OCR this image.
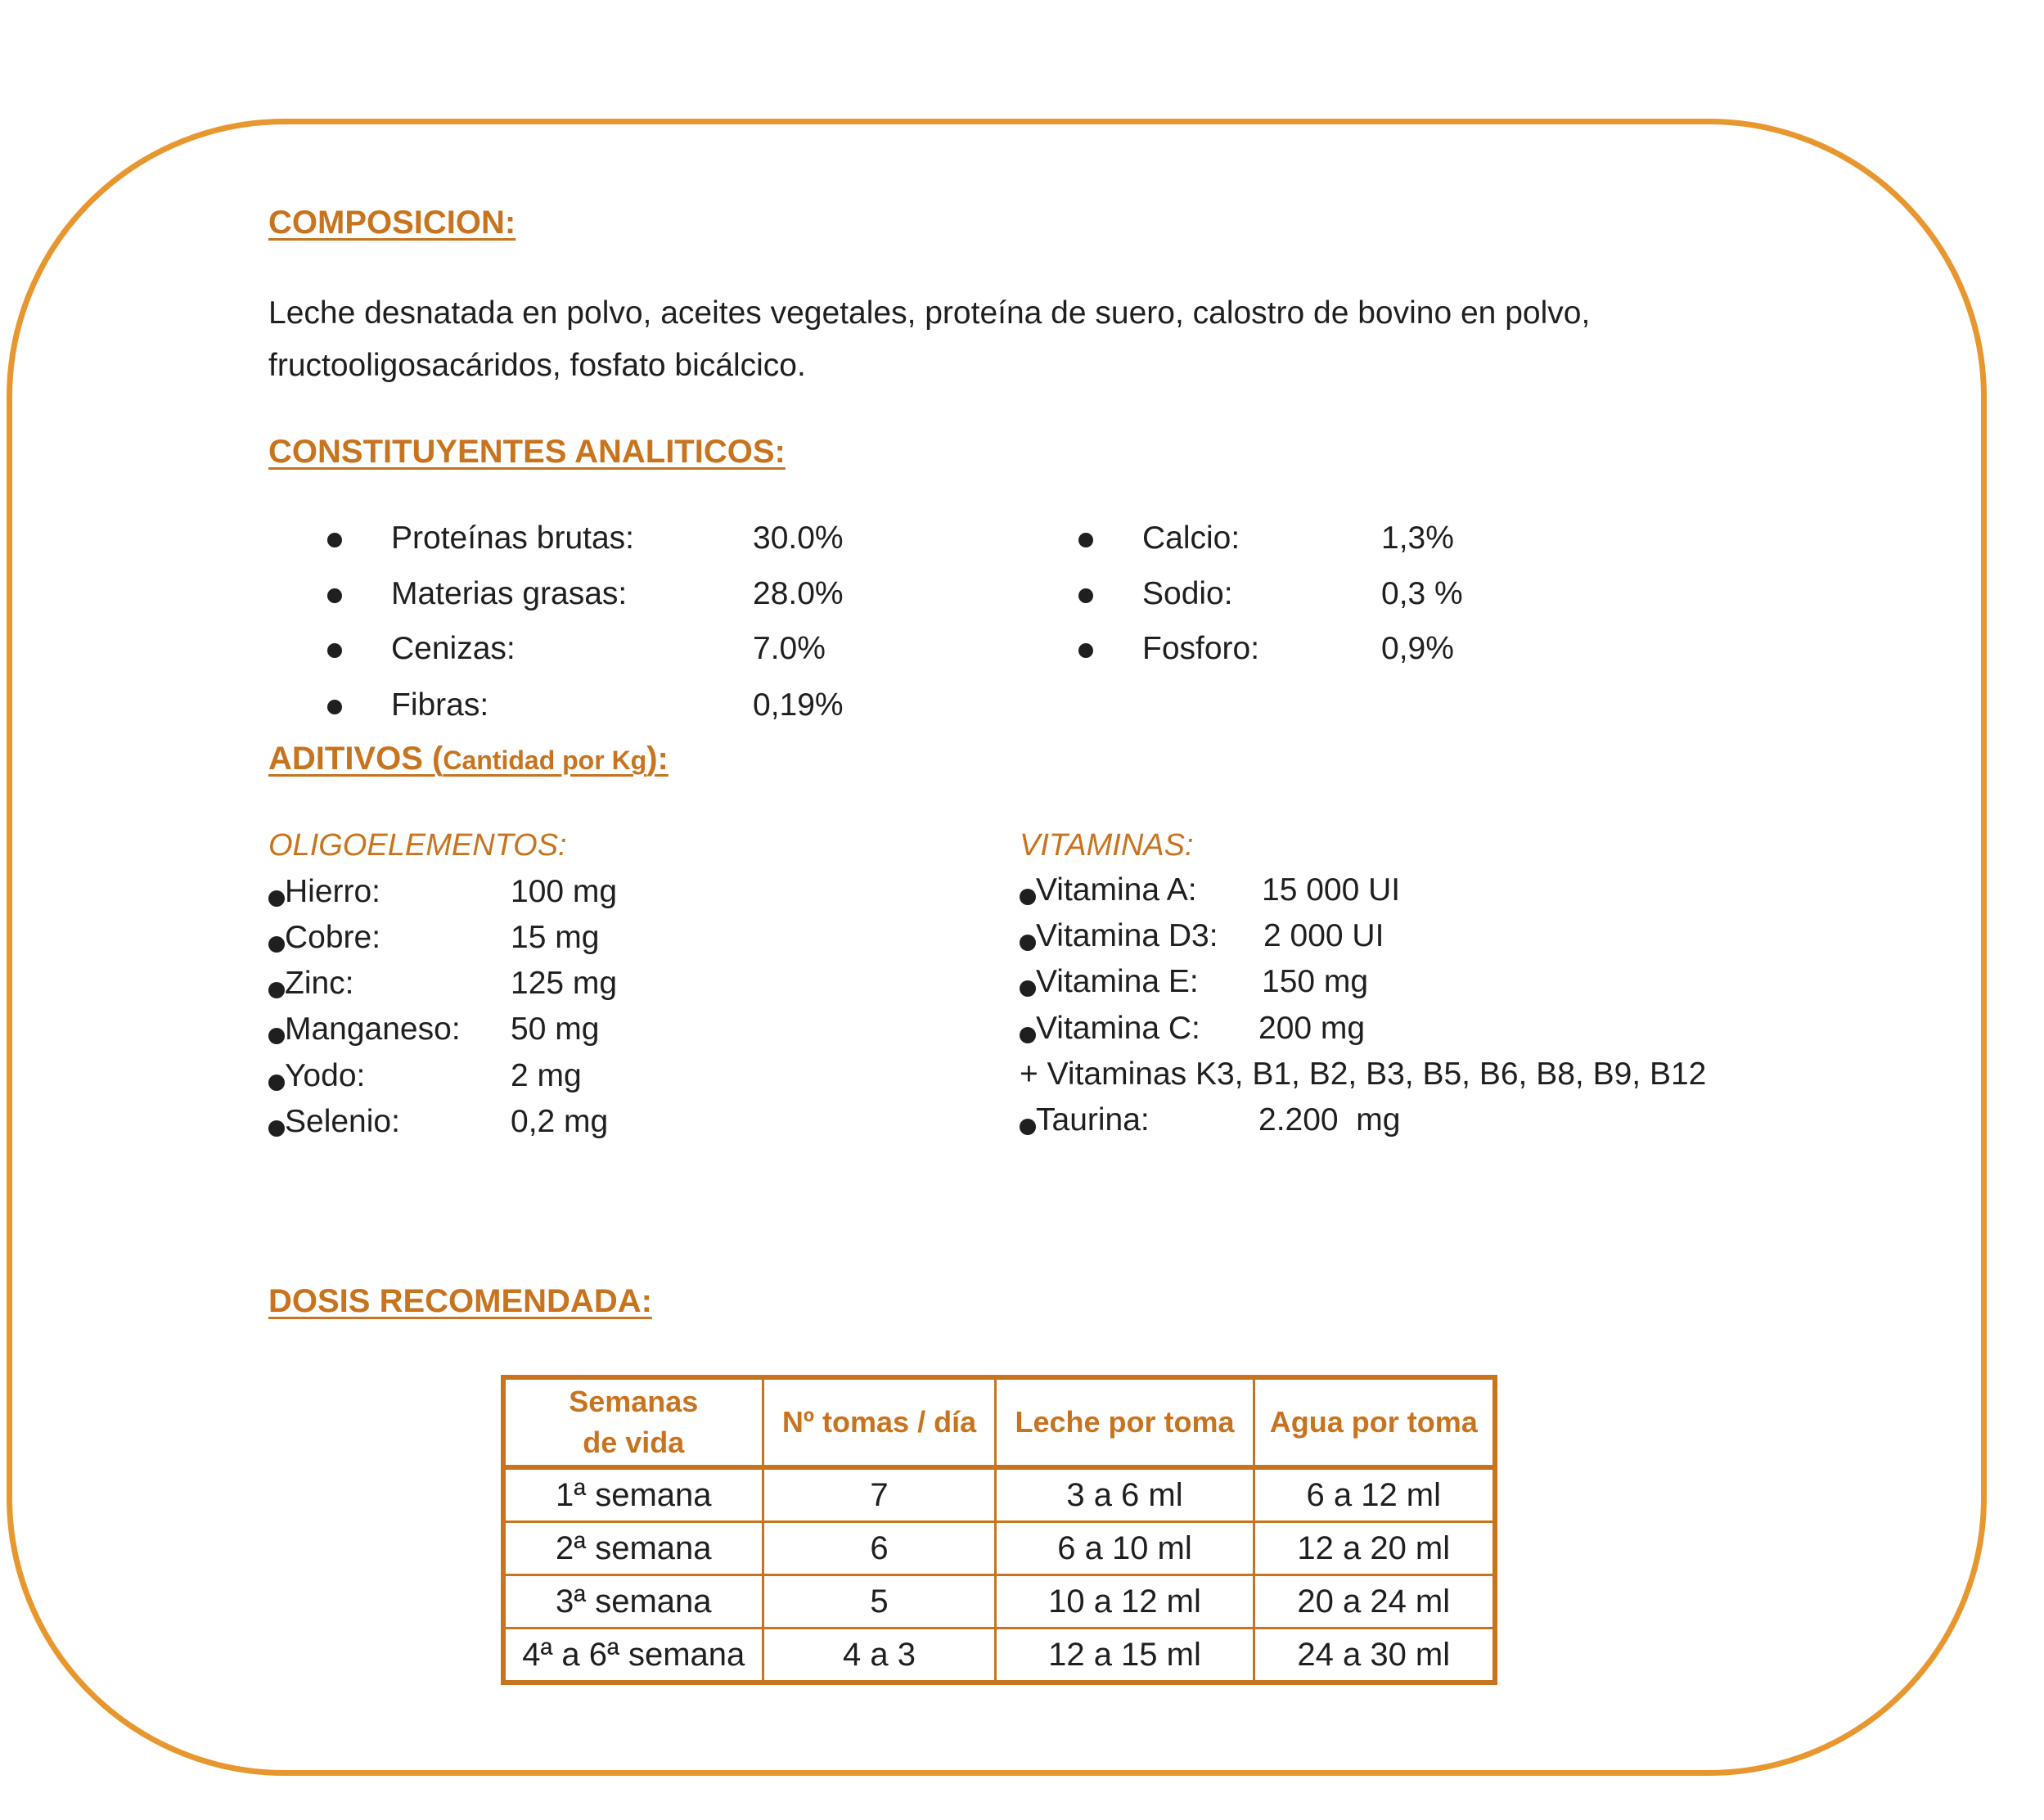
COMPOSICION:
Leche desnatada en polvo, aceites vegetales, proteína de suero, calostro de bovino en polvo,
fructooligosacáridos, fosfato bicálcico.
CONSTITUYENTES ANALITICOS:
Proteínas brutas:	30.0%
Materias grasas:	28.0%
Cenizas:	7.0%
Fibras:	0,19%
Calcio:	1,3%
Sodio:	0,3 %
Fosforo:	0,9%
ADITIVOS (Cantidad por Kg):
OLIGOELEMENTOS:
Hierro:	100 mg
Cobre:	15 mg
Zinc:	125 mg
Manganeso: 50 mg
Yodo:	2 mg
Selenio:	0,2 mg
VITAMINAS:
Vitamina A: 15 000 UI
Vitamina D3: 2 000 UI
Vitamina E: 150 mg
Vitamina C: 200 mg
+ Vitaminas K3, B1, B2, B3, B5, B6, B8, B9, B12
Taurina:	2.200  mg
DOSIS RECOMENDADA:
Semanas de vida	Nº tomas / día	Leche por toma	Agua por toma
1ª semana	7	3 a 6 ml	6 a 12 ml
2ª semana	6	6 a 10 ml	12 a 20 ml
3ª semana	5	10 a 12 ml	20 a 24 ml
4ª a 6ª semana	4 a 3	12 a 15 ml	24 a 30 ml
